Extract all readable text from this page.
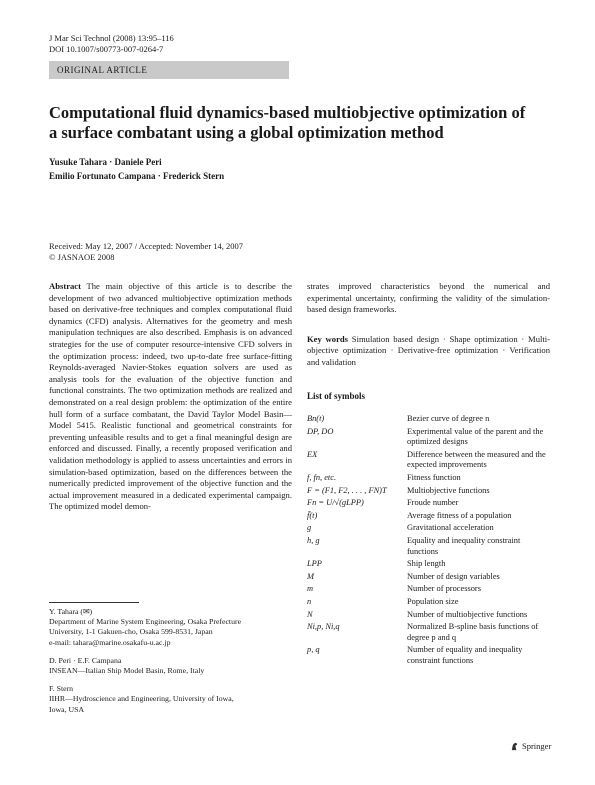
J Mar Sci Technol (2008) 13:95–116
DOI 10.1007/s00773-007-0264-7
ORIGINAL ARTICLE
Computational fluid dynamics-based multiobjective optimization of
a surface combatant using a global optimization method
Yusuke Tahara · Daniele Peri
Emilio Fortunato Campana · Frederick Stern
Received: May 12, 2007 / Accepted: November 14, 2007
© JASNAOE 2008
Abstract The main objective of this article is to describe the development of two advanced multiobjective optimization methods based on derivative-free techniques and complex computational fluid dynamics (CFD) analysis. Alternatives for the geometry and mesh manipulation techniques are also described. Emphasis is on advanced strategies for the use of computer resource-intensive CFD solvers in the optimization process: indeed, two up-to-date free surface-fitting Reynolds-averaged Navier-Stokes equation solvers are used as analysis tools for the evaluation of the objective function and functional constraints. The two optimization methods are realized and demonstrated on a real design problem: the optimization of the entire hull form of a surface combatant, the David Taylor Model Basin—Model 5415. Realistic functional and geometrical constraints for preventing unfeasible results and to get a final meaningful design are enforced and discussed. Finally, a recently proposed verification and validation methodology is applied to assess uncertainties and errors in simulation-based optimization, based on the differences between the numerically predicted improvement of the objective function and the actual improvement measured in a dedicated experimental campaign. The optimized model demon-
strates improved characteristics beyond the numerical and experimental uncertainty, confirming the validity of the simulation-based design frameworks.
Key words Simulation based design · Shape optimization · Multi-objective optimization · Derivative-free optimization · Verification and validation
List of symbols
Bn(t)	Bezier curve of degree n
DP, DO	Experimental value of the parent and the optimized designs
EX	Difference between the measured and the expected improvements
f, fn, etc.	Fitness function
F = (F1, F2, . . . , FN)T	Multiobjective functions
Fn = U/√(gLPP)	Froude number
f̄(t)	Average fitness of a population
g	Gravitational acceleration
h, g	Equality and inequality constraint functions
LPP	Ship length
M	Number of design variables
m	Number of processors
n	Population size
N	Number of multiobjective functions
Ni,p, Ni,q	Normalized B-spline basis functions of degree p and q
p, q	Number of equality and inequality constraint functions
Y. Tahara (✉)
Department of Marine System Engineering, Osaka Prefecture
University, 1-1 Gakuen-cho, Osaka 599-8531, Japan
e-mail: tahara@marine.osakafu-u.ac.jp
D. Peri · E.F. Campana
INSEAN—Italian Ship Model Basin, Rome, Italy
F. Stern
IIHR—Hydroscience and Engineering, University of Iowa,
Iowa, USA
Springer
